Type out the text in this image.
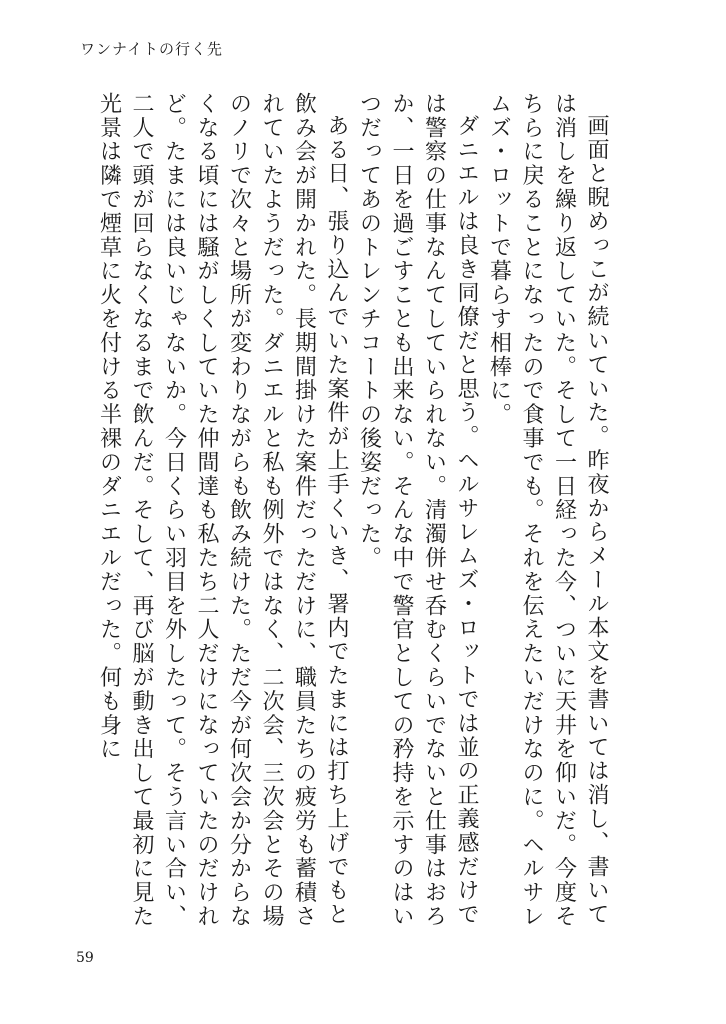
ワンナイトの行く先

画面と睨めっこが続いていた。昨夜からメール本文を書いては消し、書いては消しを繰り返していた。そして一日経った今、ついに天井を仰いだ。今度そちらに戻ることになったので食事でも。それを伝えたいだけなのに。ヘルサレムズ・ロットで暮らす相棒に。

ダニエルは良き同僚だと思う。ヘルサレムズ・ロットでは並の正義感だけでは警察の仕事なんてしていられない。清濁併せ呑むくらいでないと仕事はおろか、一日を過ごすことも出来ない。そんな中で警官としての矜持を示すのはいつだってあのトレンチコートの後姿だった。

ある日、張り込んでいた案件が上手くいき、署内でたまには打ち上げでもと飲み会が開かれた。長期間掛けた案件だっただけに、職員たちの疲労も蓄積されていたようだった。ダニエルと私も例外ではなく、二次会、三次会とその場のノリで次々と場所が変わりながらも飲み続けた。ただ今が何次会か分からなくなる頃には騒がしくしていた仲間達も私たち二人だけになっていたのだけれど。たまには良いじゃないか。今日くらい羽目を外したって。そう言い合い、二人で頭が回らなくなるまで飲んだ。そして、再び脳が動き出して最初に見た光景は隣で煙草に火を付ける半裸のダニエルだった。何も身に

59
